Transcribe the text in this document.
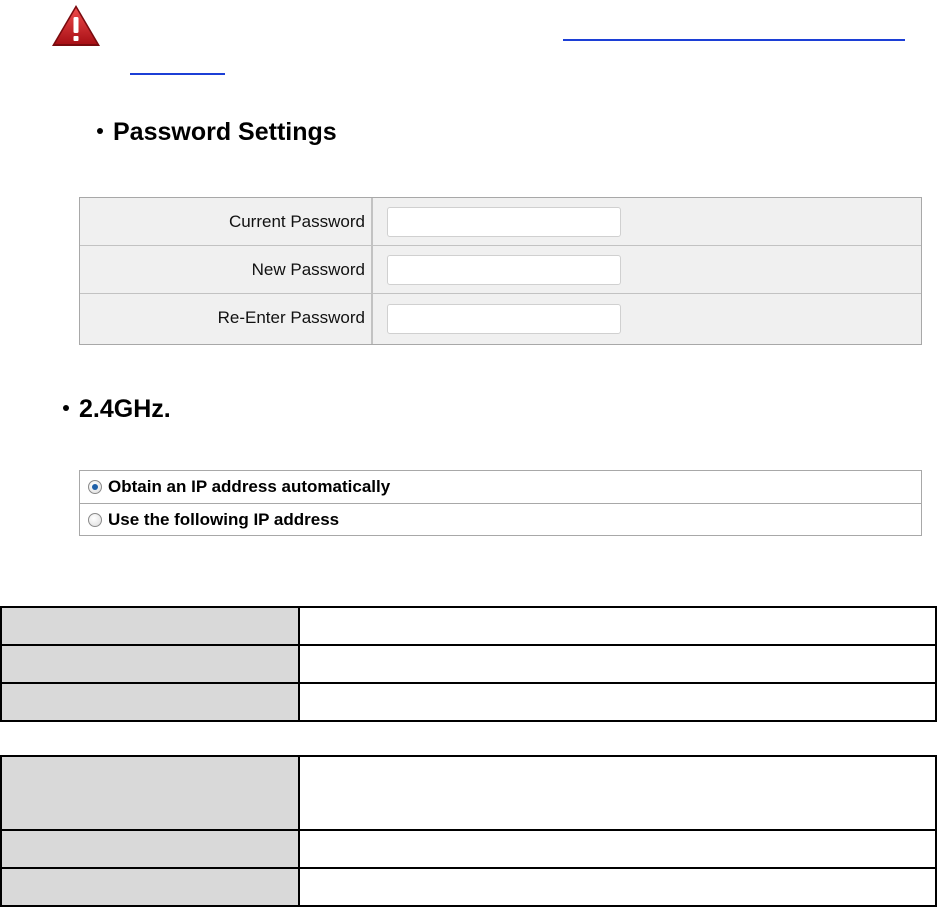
Password Settings
Current Password
New Password
Re-Enter Password
2.4GHz.
Obtain an IP address automatically
Use the following IP address
